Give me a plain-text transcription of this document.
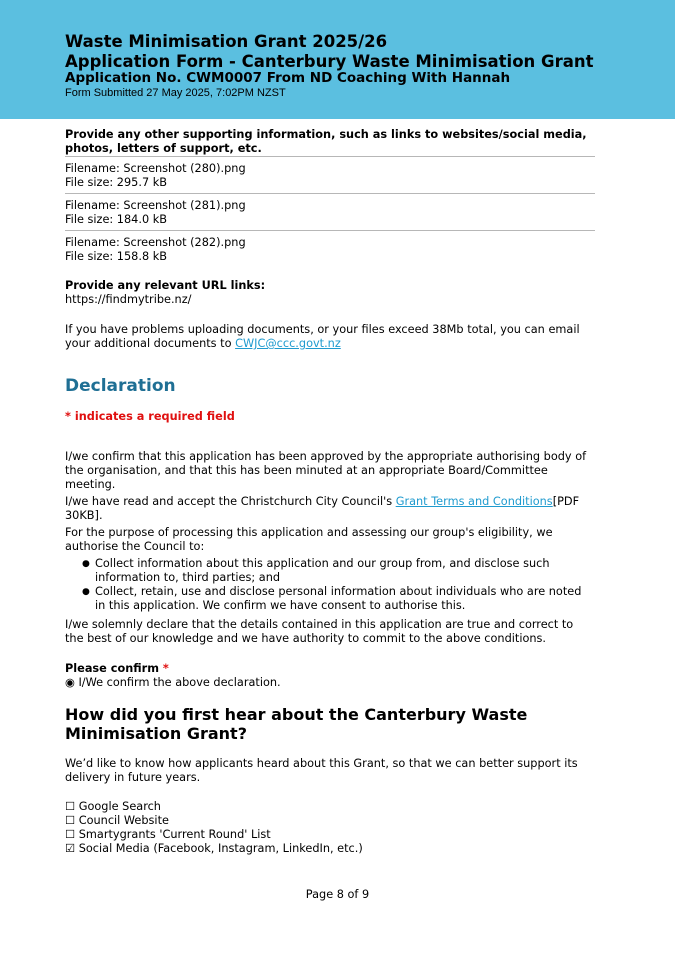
Waste Minimisation Grant 2025/26
Application Form - Canterbury Waste Minimisation Grant
Application No. CWM0007 From ND Coaching With Hannah
Form Submitted 27 May 2025, 7:02PM NZST
Provide any other supporting information, such as links to websites/social media, photos, letters of support, etc.
Filename: Screenshot (280).png
File size: 295.7 kB
Filename: Screenshot (281).png
File size: 184.0 kB
Filename: Screenshot (282).png
File size: 158.8 kB
Provide any relevant URL links:
https://findmytribe.nz/
If you have problems uploading documents, or your files exceed 38Mb total, you can email your additional documents to CWJC@ccc.govt.nz
Declaration
* indicates a required field

I/we confirm that this application has been approved by the appropriate authorising body of the organisation, and that this has been minuted at an appropriate Board/Committee meeting.

I/we have read and accept the Christchurch City Council's Grant Terms and Conditions[PDF 30KB].

For the purpose of processing this application and assessing our group's eligibility, we authorise the Council to:

● Collect information about this application and our group from, and disclose such information to, third parties; and
● Collect, retain, use and disclose personal information about individuals who are noted in this application. We confirm we have consent to authorise this.

I/we solemnly declare that the details contained in this application are true and correct to the best of our knowledge and we have authority to commit to the above conditions.

Please confirm *
◉ I/We confirm the above declaration.
How did you first hear about the Canterbury Waste Minimisation Grant?
We’d like to know how applicants heard about this Grant, so that we can better support its delivery in future years.
☐ Google Search
☐ Council Website
☐ Smartygrants 'Current Round' List
☑ Social Media (Facebook, Instagram, LinkedIn, etc.)
Page 8 of 9
